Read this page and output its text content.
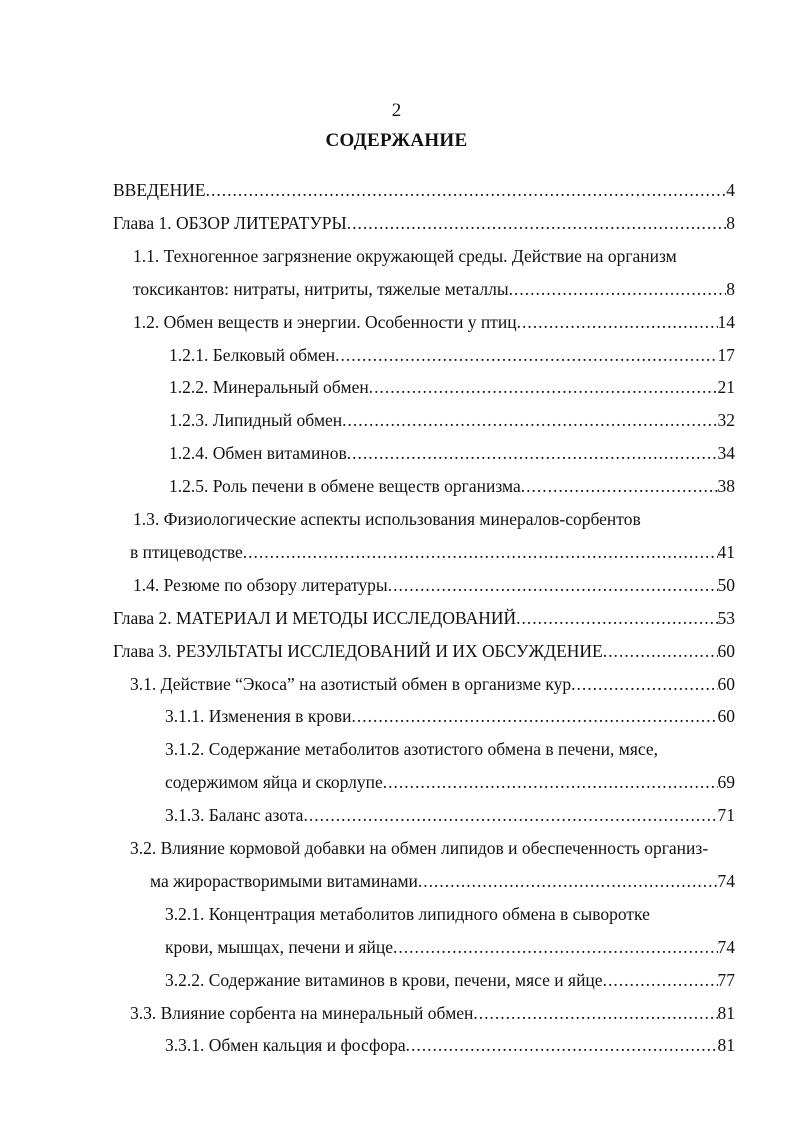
2
СОДЕРЖАНИЕ
ВВЕДЕНИЕ .....	4
Глава 1. ОБЗОР ЛИТЕРАТУРЫ .....	8
1.1. Техногенное загрязнение окружающей среды. Действие на организм
токсикантов: нитраты, нитриты, тяжелые металлы .....	8
1.2. Обмен веществ и энергии. Особенности у птиц .....	14
1.2.1. Белковый обмен .....	17
1.2.2. Минеральный обмен .....	21
1.2.3. Липидный обмен .....	32
1.2.4. Обмен витаминов .....	34
1.2.5. Роль печени в обмене веществ организма .....	38
1.3. Физиологические аспекты использования минералов-сорбентов
в птицеводстве .....	41
1.4. Резюме по обзору литературы .....	50
Глава 2. МАТЕРИАЛ И МЕТОДЫ ИССЛЕДОВАНИЙ .....	53
Глава 3. РЕЗУЛЬТАТЫ ИССЛЕДОВАНИЙ И ИХ ОБСУЖДЕНИЕ .....	60
3.1. Действие “Экоса” на азотистый обмен в организме кур .....	60
3.1.1. Изменения в крови .....	60
3.1.2. Содержание метаболитов азотистого обмена в печени, мясе,
содержимом яйца и скорлупе .....	69
3.1.3. Баланс азота .....	71
3.2. Влияние кормовой добавки на обмен липидов и обеспеченность организ-
ма жирорастворимыми витаминами .....	74
3.2.1. Концентрация метаболитов липидного обмена в сыворотке
крови, мышцах, печени и яйце .....	74
3.2.2. Содержание витаминов в крови, печени, мясе и яйце .....	77
3.3. Влияние сорбента на минеральный обмен .....	81
3.3.1. Обмен кальция и фосфора .....	81
